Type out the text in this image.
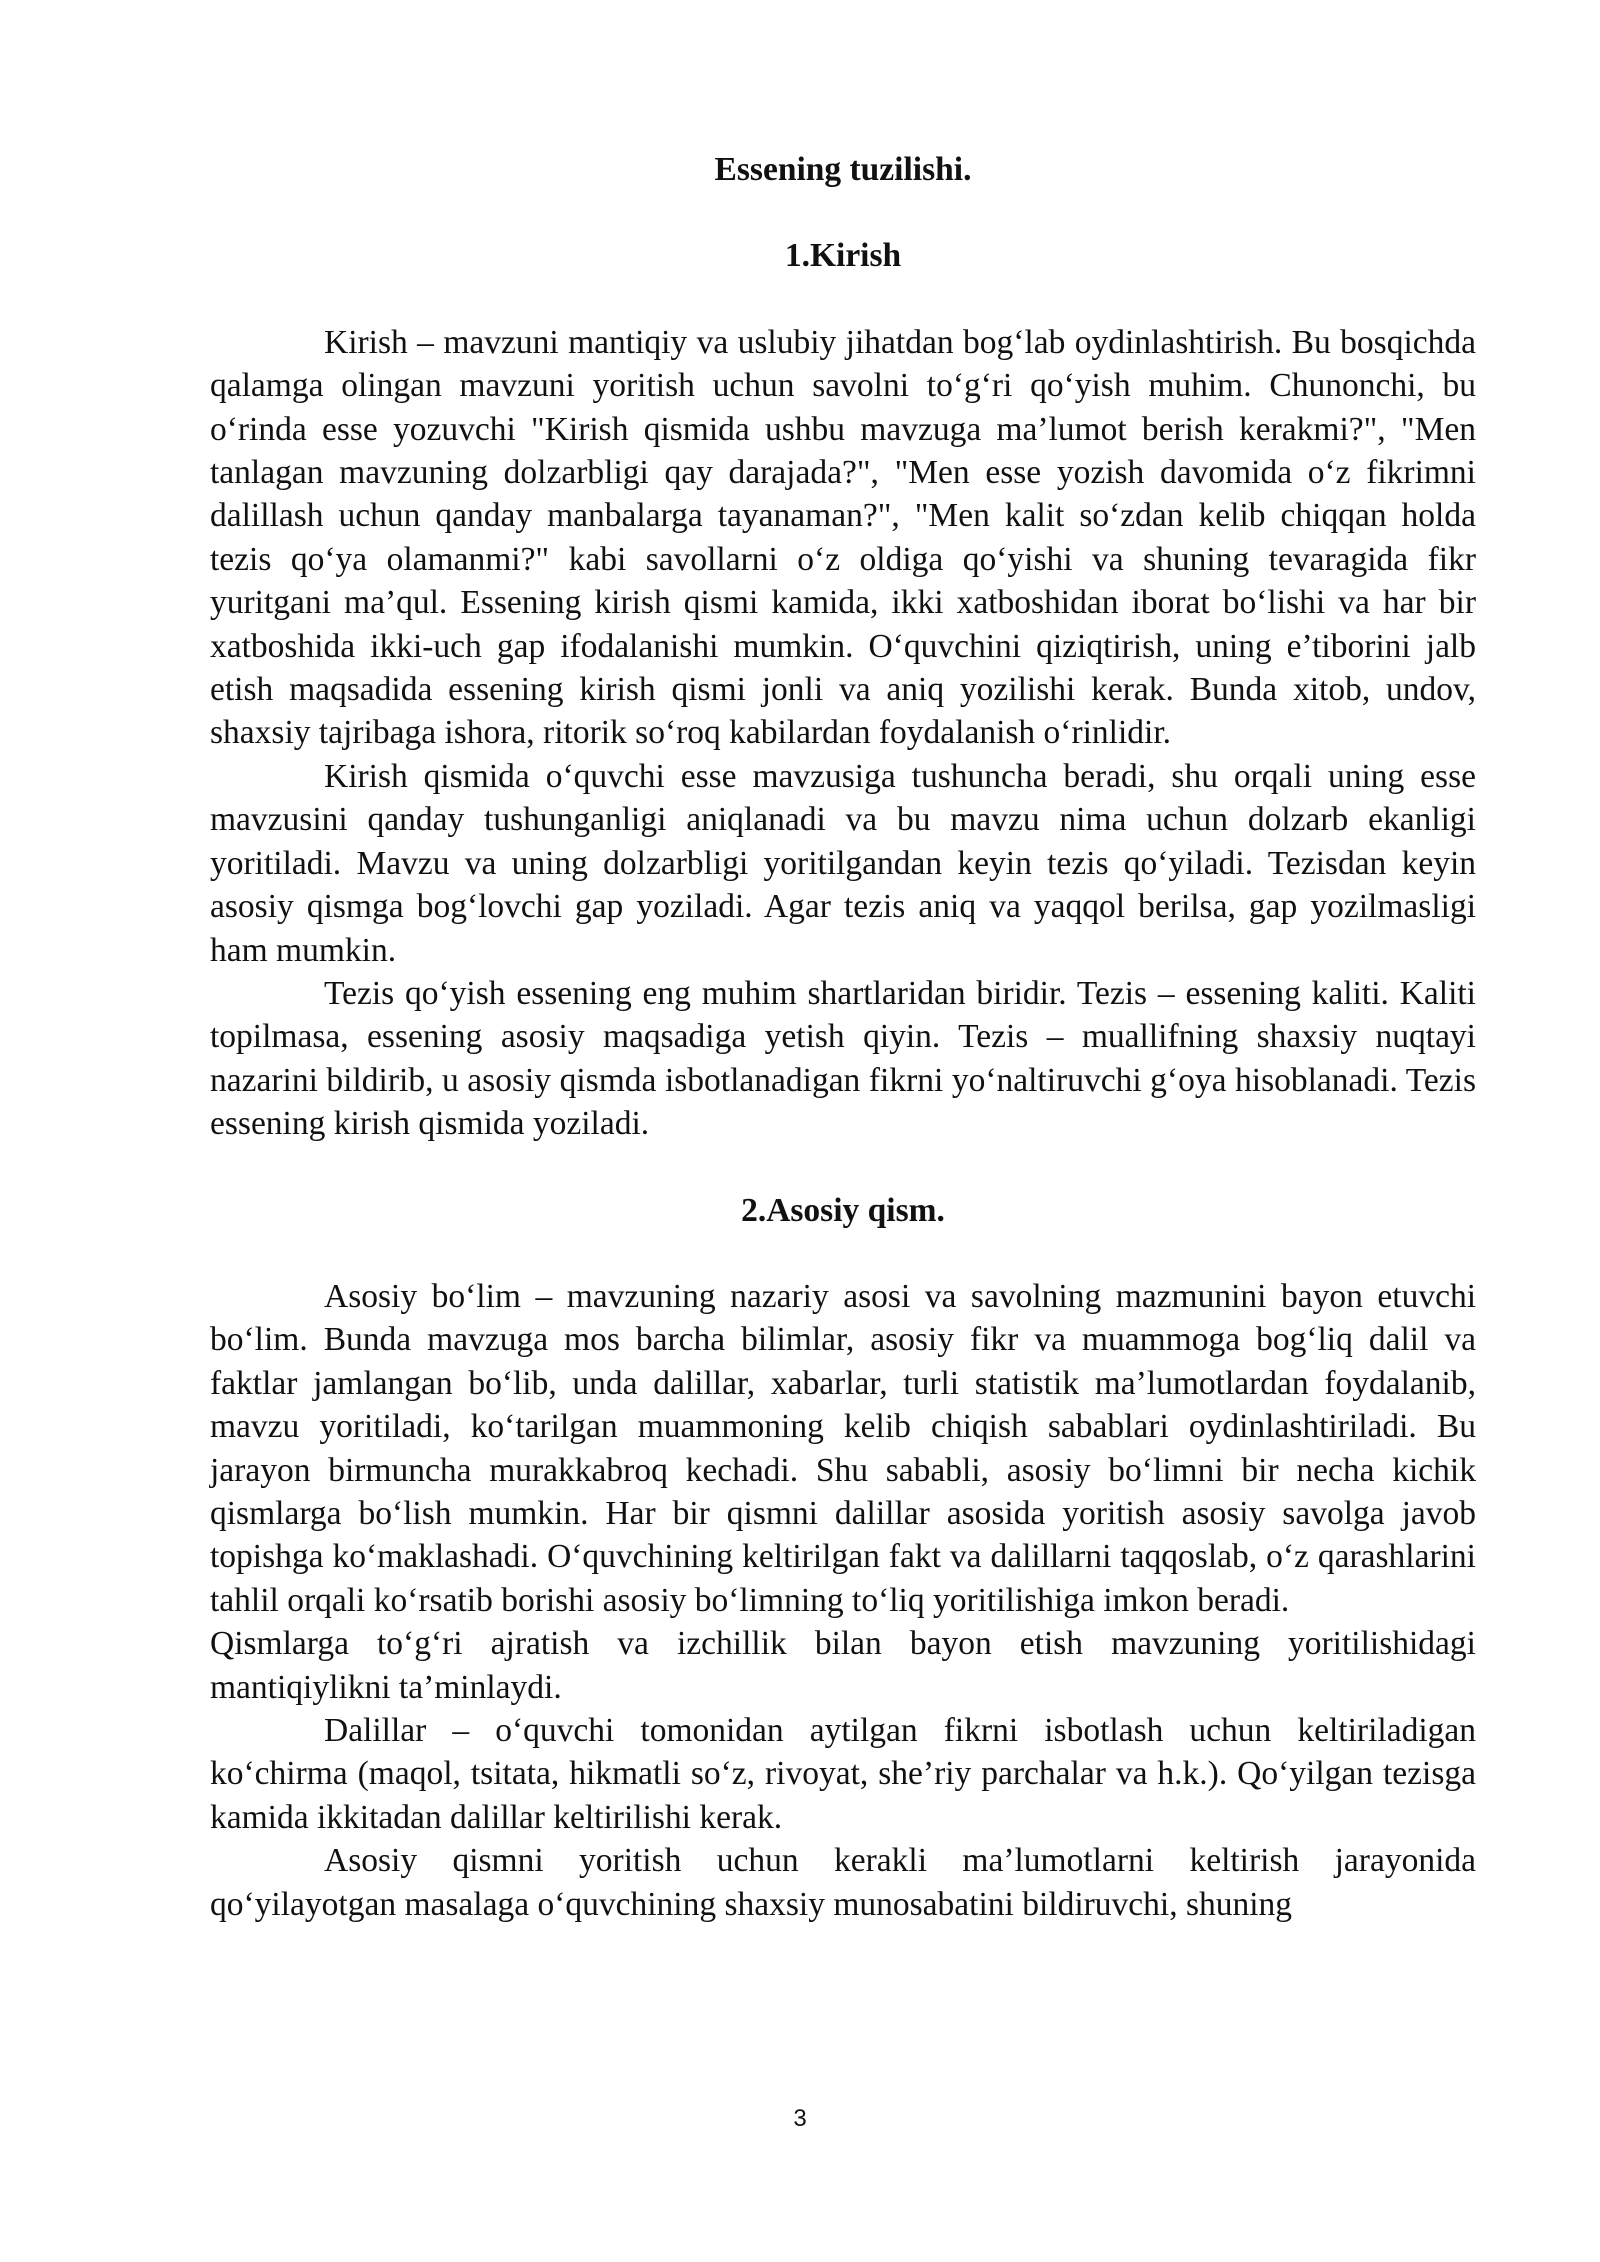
Essening tuzilishi.

1.Kirish

Kirish – mavzuni mantiqiy va uslubiy jihatdan bog‘lab oydinlashtirish. Bu bosqichda qalamga olingan mavzuni yoritish uchun savolni to‘g‘ri qo‘yish muhim. Chunonchi, bu o‘rinda esse yozuvchi "Kirish qismida ushbu mavzuga ma’lumot berish kerakmi?", "Men tanlagan mavzuning dolzarbligi qay darajada?", "Men esse yozish davomida o‘z fikrimni dalillash uchun qanday manbalarga tayanaman?", "Men kalit so‘zdan kelib chiqqan holda tezis qo‘ya olamanmi?" kabi savollarni o‘z oldiga qo‘yishi va shuning tevaragida fikr yuritgani ma’qul. Essening kirish qismi kamida, ikki xatboshidan iborat bo‘lishi va har bir xatboshida ikki-uch gap ifodalanishi mumkin. O‘quvchini qiziqtirish, uning e’tiborini jalb etish maqsadida essening kirish qismi jonli va aniq yozilishi kerak. Bunda xitob, undov, shaxsiy tajribaga ishora, ritorik so‘roq kabilardan foydalanish o‘rinlidir.

Kirish qismida o‘quvchi esse mavzusiga tushuncha beradi, shu orqali uning esse mavzusini qanday tushunganligi aniqlanadi va bu mavzu nima uchun dolzarb ekanligi yoritiladi. Mavzu va uning dolzarbligi yoritilgandan keyin tezis qo‘yiladi. Tezisdan keyin asosiy qismga bog‘lovchi gap yoziladi. Agar tezis aniq va yaqqol berilsa, gap yozilmasligi ham mumkin.

Tezis qo‘yish essening eng muhim shartlaridan biridir. Tezis – essening kaliti. Kaliti topilmasa, essening asosiy maqsadiga yetish qiyin. Tezis – muallifning shaxsiy nuqtayi nazarini bildirib, u asosiy qismda isbotlanadigan fikrni yo‘naltiruvchi g‘oya hisoblanadi. Tezis essening kirish qismida yoziladi.

2.Asosiy qism.

Asosiy bo‘lim – mavzuning nazariy asosi va savolning mazmunini bayon etuvchi bo‘lim. Bunda mavzuga mos barcha bilimlar, asosiy fikr va muammoga bog‘liq dalil va faktlar jamlangan bo‘lib, unda dalillar, xabarlar, turli statistik ma’lumotlardan foydalanib, mavzu yoritiladi, ko‘tarilgan muammoning kelib chiqish sabablari oydinlashtiriladi. Bu jarayon birmuncha murakkabroq kechadi. Shu sababli, asosiy bo‘limni bir necha kichik qismlarga bo‘lish mumkin. Har bir qismni dalillar asosida yoritish asosiy savolga javob topishga ko‘maklashadi. O‘quvchining keltirilgan fakt va dalillarni taqqoslab, o‘z qarashlarini tahlil orqali ko‘rsatib borishi asosiy bo‘limning to‘liq yoritilishiga imkon beradi.

Qismlarga to‘g‘ri ajratish va izchillik bilan bayon etish mavzuning yoritilishidagi mantiqiylikni ta’minlaydi.

Dalillar – o‘quvchi tomonidan aytilgan fikrni isbotlash uchun keltiriladigan ko‘chirma (maqol, tsitata, hikmatli so‘z, rivoyat, she’riy parchalar va h.k.). Qo‘yilgan tezisga kamida ikkitadan dalillar keltirilishi kerak.

Asosiy qismni yoritish uchun kerakli ma’lumotlarni keltirish jarayonida qo‘yilayotgan masalaga o‘quvchining shaxsiy munosabatini bildiruvchi, shuning

3
